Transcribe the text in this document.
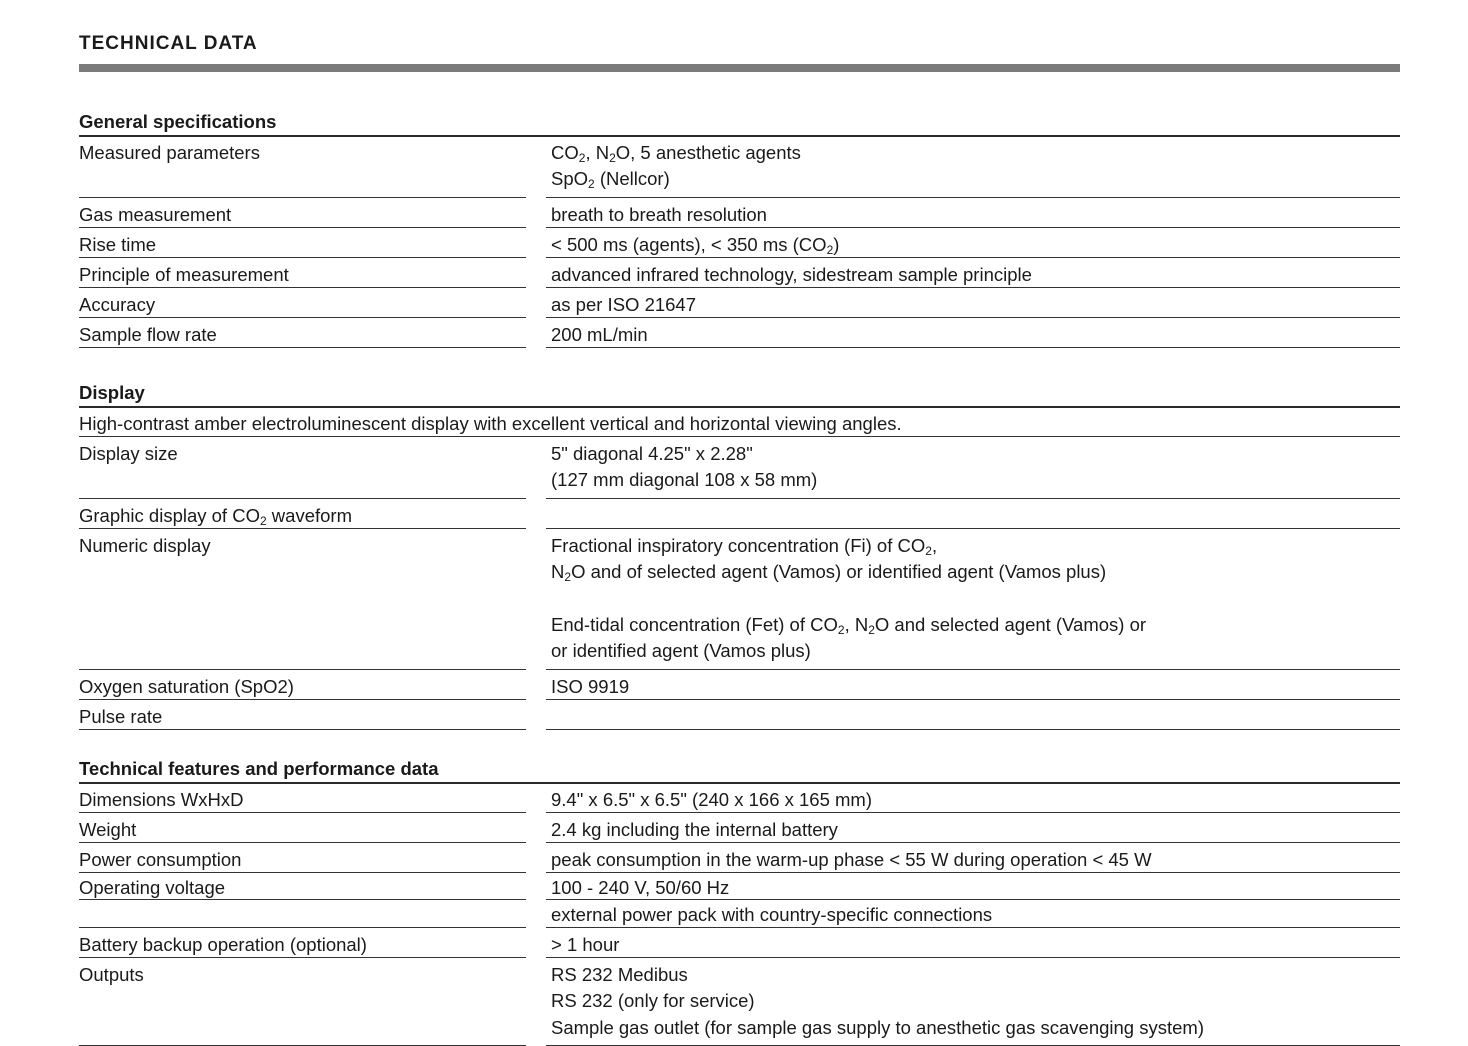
TECHNICAL DATA
General specifications
Measured parameters	$CO_2$, $N_2O$, 5 anesthetic agents
SpO$_2$ (Nellcor)
Gas measurement	breath to breath resolution
Rise time	< 500 ms (agents), < 350 ms $(CO_2)$
Principle of measurement	advanced infrared technology, sidestream sample principle
Accuracy	as per ISO 21647
Sample flow rate	200 mL/min
Display
High-contrast amber electroluminescent display with excellent vertical and horizontal viewing angles.
Display size	5" diagonal 4.25" x 2.28"
(127 mm diagonal 108 x 58 mm)
Graphic display of $CO_2$ waveform
Numeric display	Fractional inspiratory concentration (Fi) of $CO_2$,
$N_2O$ and of selected agent (Vamos) or identified agent (Vamos plus)
End-tidal concentration (Fet) of $CO_2$, $N_2O$ and selected agent (Vamos) or
or identified agent (Vamos plus)
Oxygen saturation (SpO2)	ISO 9919
Pulse rate
Technical features and performance data
Dimensions WxHxD	9.4" x 6.5" x 6.5" (240 x 166 x 165 mm)
Weight	2.4 kg including the internal battery
Power consumption	peak consumption in the warm-up phase < 55 W during operation < 45 W
Operating voltage	100 - 240 V, 50/60 Hz
external power pack with country-specific connections
Battery backup operation (optional)	> 1 hour
Outputs	RS 232 Medibus
RS 232 (only for service)
Sample gas outlet (for sample gas supply to anesthetic gas scavenging system)
